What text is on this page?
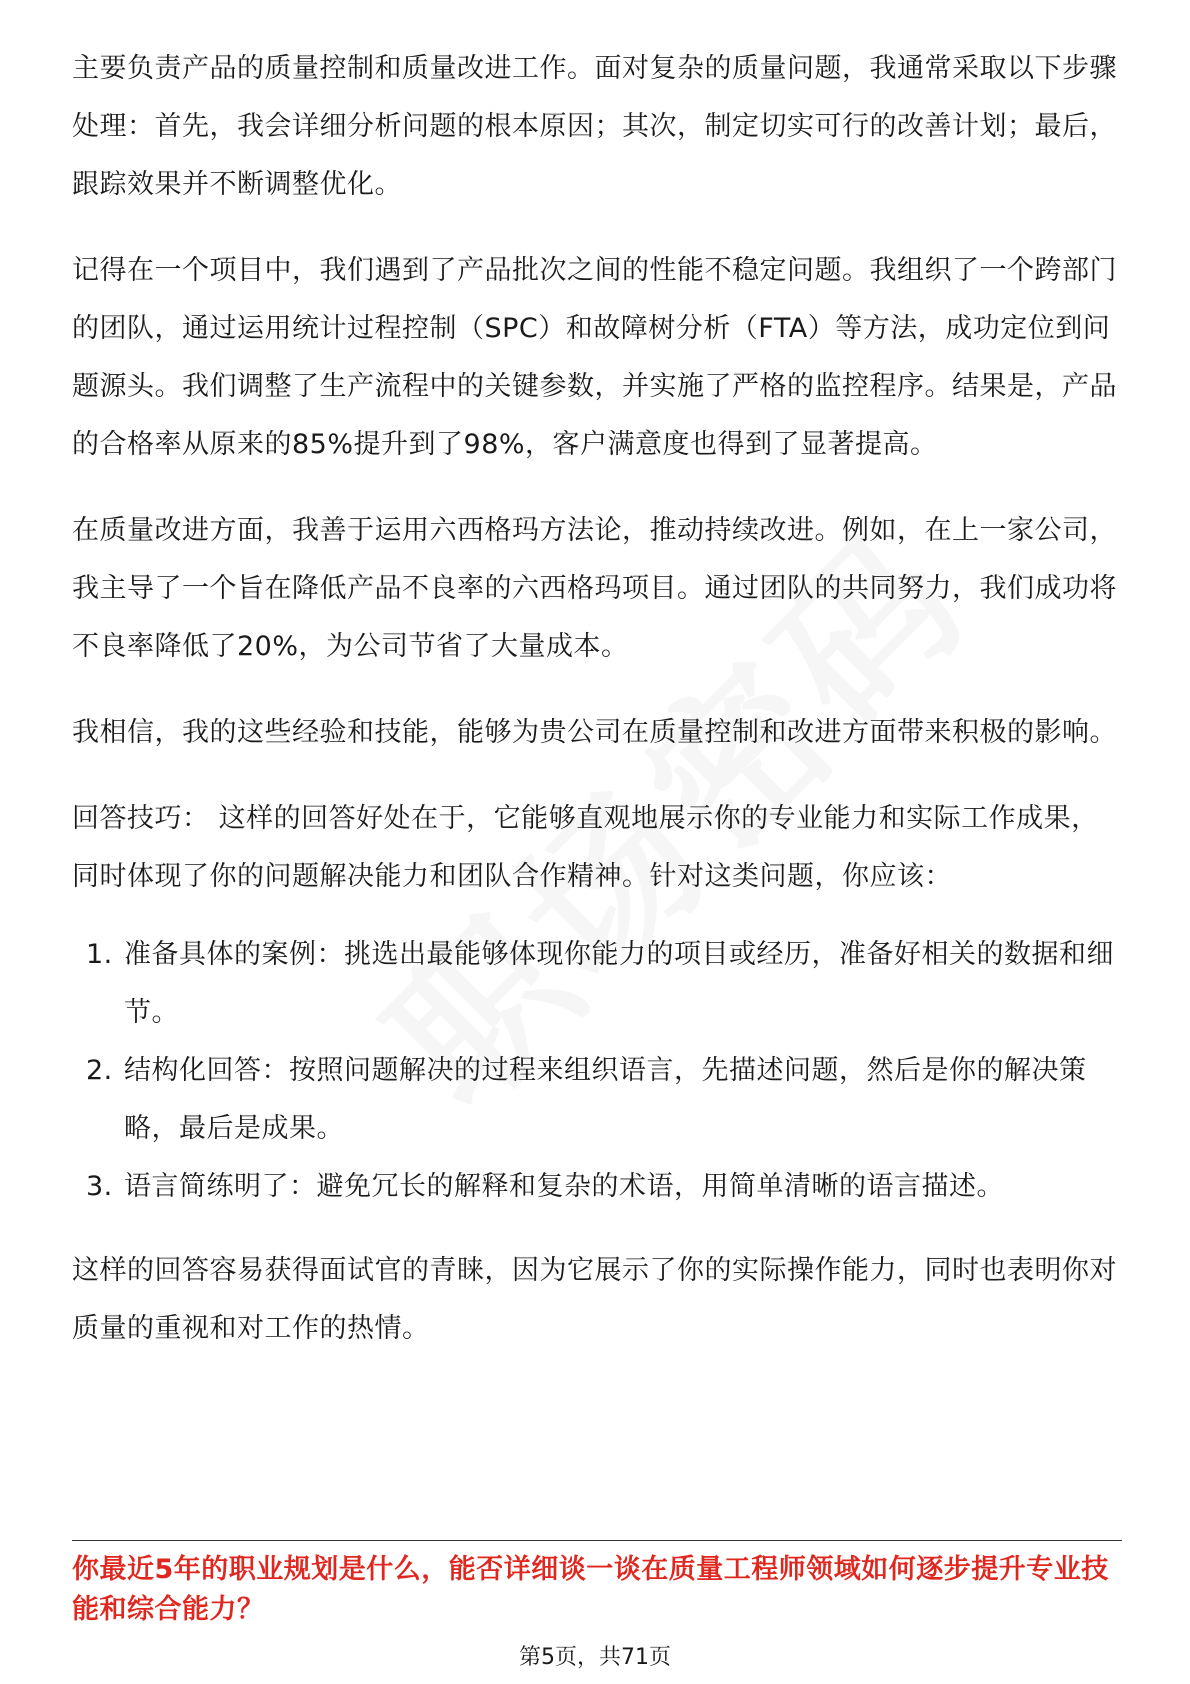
主要负责产品的质量控制和质量改进工作。面对复杂的质量问题，我通常采取以下步骤处理：首先，我会详细分析问题的根本原因；其次，制定切实可行的改善计划；最后，跟踪效果并不断调整优化。

记得在一个项目中，我们遇到了产品批次之间的性能不稳定问题。我组织了一个跨部门的团队，通过运用统计过程控制（SPC）和故障树分析（FTA）等方法，成功定位到问题源头。我们调整了生产流程中的关键参数，并实施了严格的监控程序。结果是，产品的合格率从原来的85%提升到了98%，客户满意度也得到了显著提高。

在质量改进方面，我善于运用六西格玛方法论，推动持续改进。例如，在上一家公司，我主导了一个旨在降低产品不良率的六西格玛项目。通过团队的共同努力，我们成功将不良率降低了20%，为公司节省了大量成本。

我相信，我的这些经验和技能，能够为贵公司在质量控制和改进方面带来积极的影响。

回答技巧： 这样的回答好处在于，它能够直观地展示你的专业能力和实际工作成果，同时体现了你的问题解决能力和团队合作精神。针对这类问题，你应该：

1. 准备具体的案例：挑选出最能够体现你能力的项目或经历，准备好相关的数据和细节。
2. 结构化回答：按照问题解决的过程来组织语言，先描述问题，然后是你的解决策略，最后是成果。
3. 语言简练明了：避免冗长的解释和复杂的术语，用简单清晰的语言描述。

这样的回答容易获得面试官的青睐，因为它展示了你的实际操作能力，同时也表明你对质量的重视和对工作的热情。

你最近5年的职业规划是什么，能否详细谈一谈在质量工程师领域如何逐步提升专业技能和综合能力？
第5页，共71页
